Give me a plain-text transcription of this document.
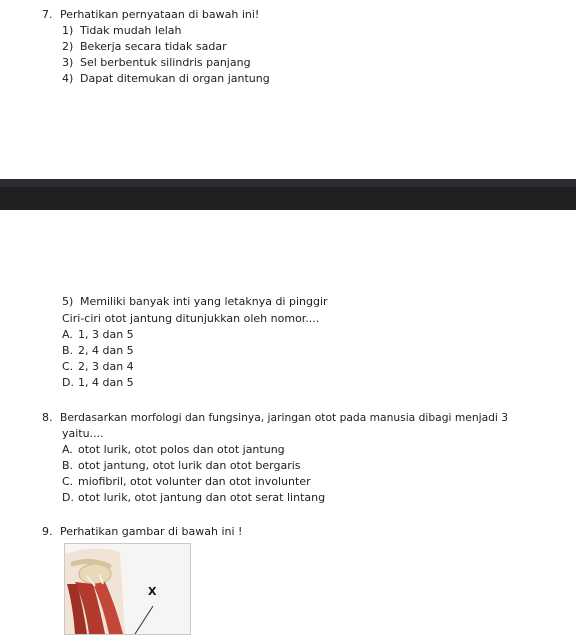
7. Perhatikan pernyataan di bawah ini!
1) Tidak mudah lelah
2) Bekerja secara tidak sadar
3) Sel berbentuk silindris panjang
4) Dapat ditemukan di organ jantung
5) Memiliki banyak inti yang letaknya di pinggir
Ciri-ciri otot jantung ditunjukkan oleh nomor....
A. 1, 3 dan 5
B. 2, 4 dan 5
C. 2, 3 dan 4
D. 1, 4 dan 5
8. Berdasarkan morfologi dan fungsinya, jaringan otot pada manusia dibagi menjadi 3
yaitu....
A. otot lurik, otot polos dan otot jantung
B. otot jantung, otot lurik dan otot bergaris
C. miofibril, otot volunter dan otot involunter
D. otot lurik, otot jantung dan otot serat lintang
9. Perhatikan gambar di bawah ini !
X
